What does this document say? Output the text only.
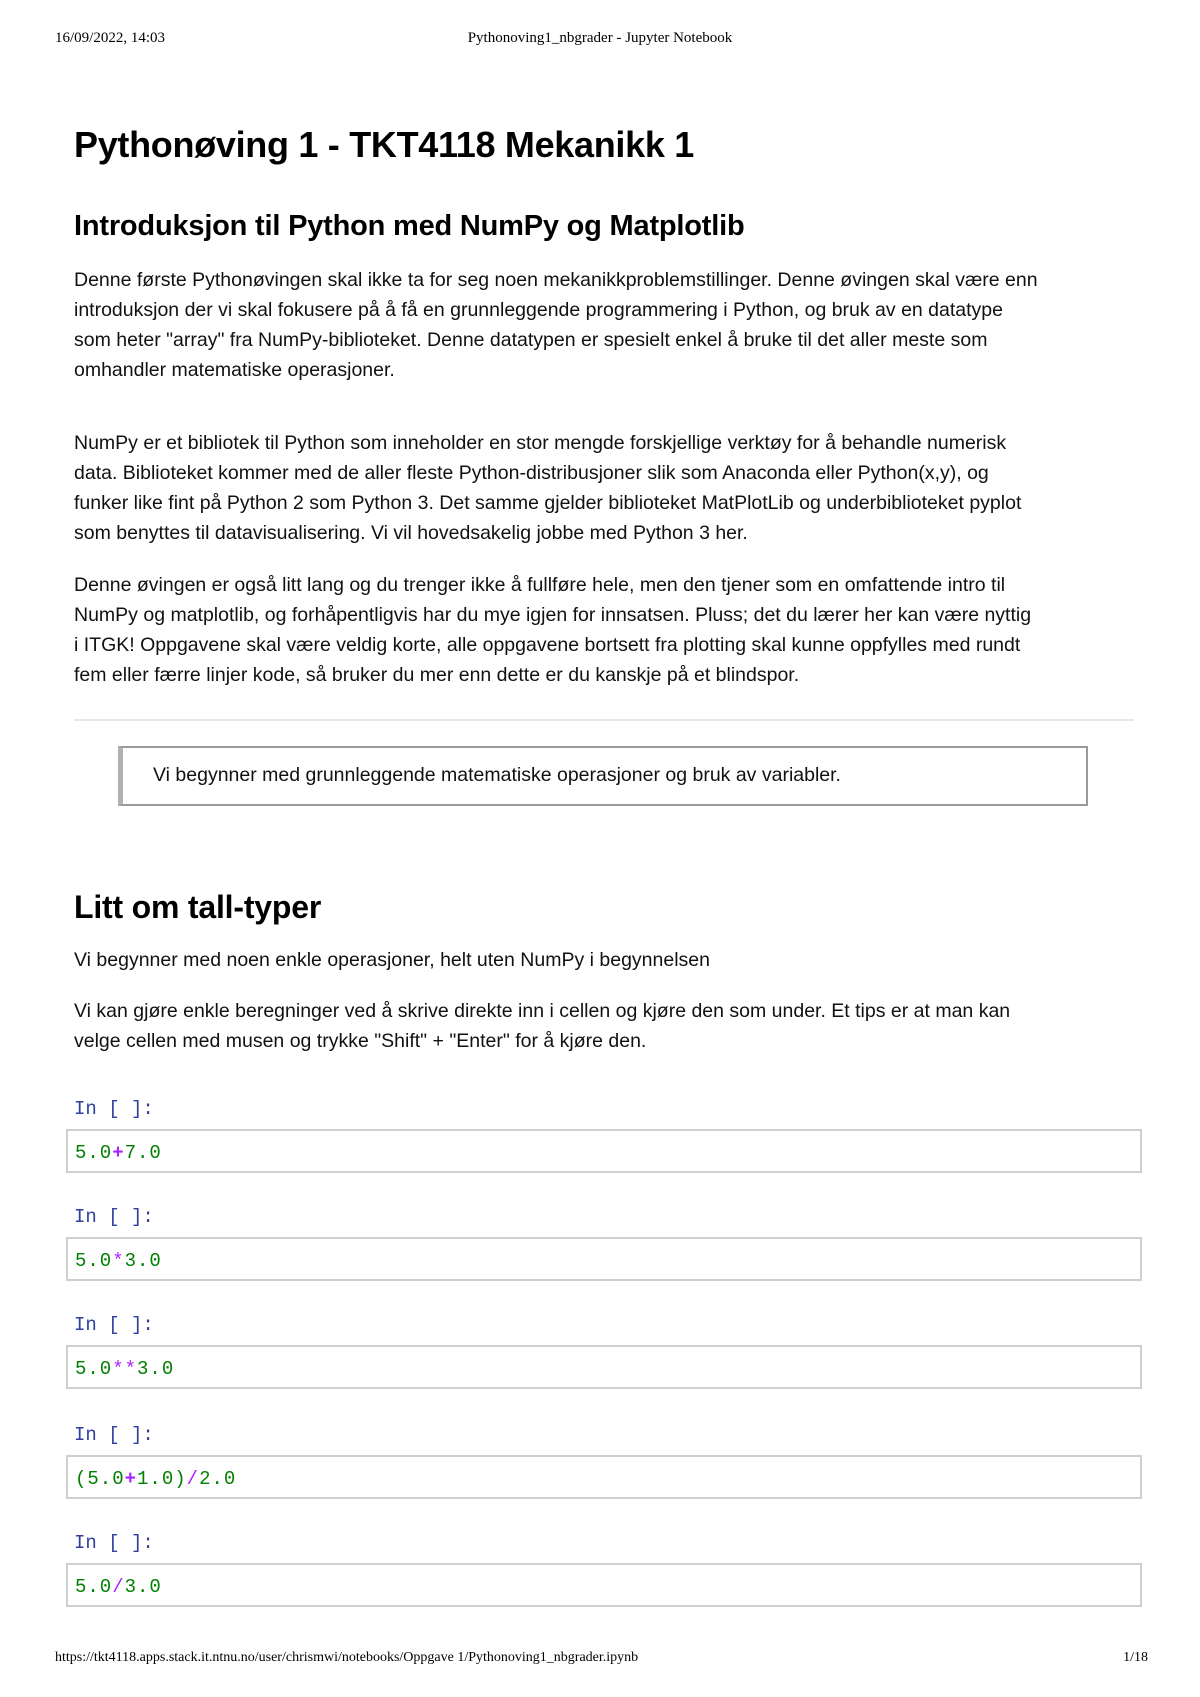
16/09/2022, 14:03	Pythonoving1_nbgrader - Jupyter Notebook
Pythonøving 1 - TKT4118 Mekanikk 1
Introduksjon til Python med NumPy og Matplotlib
Denne første Pythonøvingen skal ikke ta for seg noen mekanikkproblemstillinger. Denne øvingen skal være enn
introduksjon der vi skal fokusere på å få en grunnleggende programmering i Python, og bruk av en datatype
som heter "array" fra NumPy-biblioteket. Denne datatypen er spesielt enkel å bruke til det aller meste som
omhandler matematiske operasjoner.
NumPy er et bibliotek til Python som inneholder en stor mengde forskjellige verktøy for å behandle numerisk
data. Biblioteket kommer med de aller fleste Python-distribusjoner slik som Anaconda eller Python(x,y), og
funker like fint på Python 2 som Python 3. Det samme gjelder biblioteket MatPlotLib og underbiblioteket pyplot
som benyttes til datavisualisering. Vi vil hovedsakelig jobbe med Python 3 her.
Denne øvingen er også litt lang og du trenger ikke å fullføre hele, men den tjener som en omfattende intro til
NumPy og matplotlib, og forhåpentligvis har du mye igjen for innsatsen. Pluss; det du lærer her kan være nyttig
i ITGK! Oppgavene skal være veldig korte, alle oppgavene bortsett fra plotting skal kunne oppfylles med rundt
fem eller færre linjer kode, så bruker du mer enn dette er du kanskje på et blindspor.
Vi begynner med grunnleggende matematiske operasjoner og bruk av variabler.
Litt om tall-typer
Vi begynner med noen enkle operasjoner, helt uten NumPy i begynnelsen
Vi kan gjøre enkle beregninger ved å skrive direkte inn i cellen og kjøre den som under. Et tips er at man kan
velge cellen med musen og trykke "Shift" + "Enter" for å kjøre den.
In [ ]:
5.0+7.0
In [ ]:
5.0*3.0
In [ ]:
5.0**3.0
In [ ]:
(5.0+1.0)/2.0
In [ ]:
5.0/3.0
https://tkt4118.apps.stack.it.ntnu.no/user/chrismwi/notebooks/Oppgave 1/Pythonoving1_nbgrader.ipynb	1/18
